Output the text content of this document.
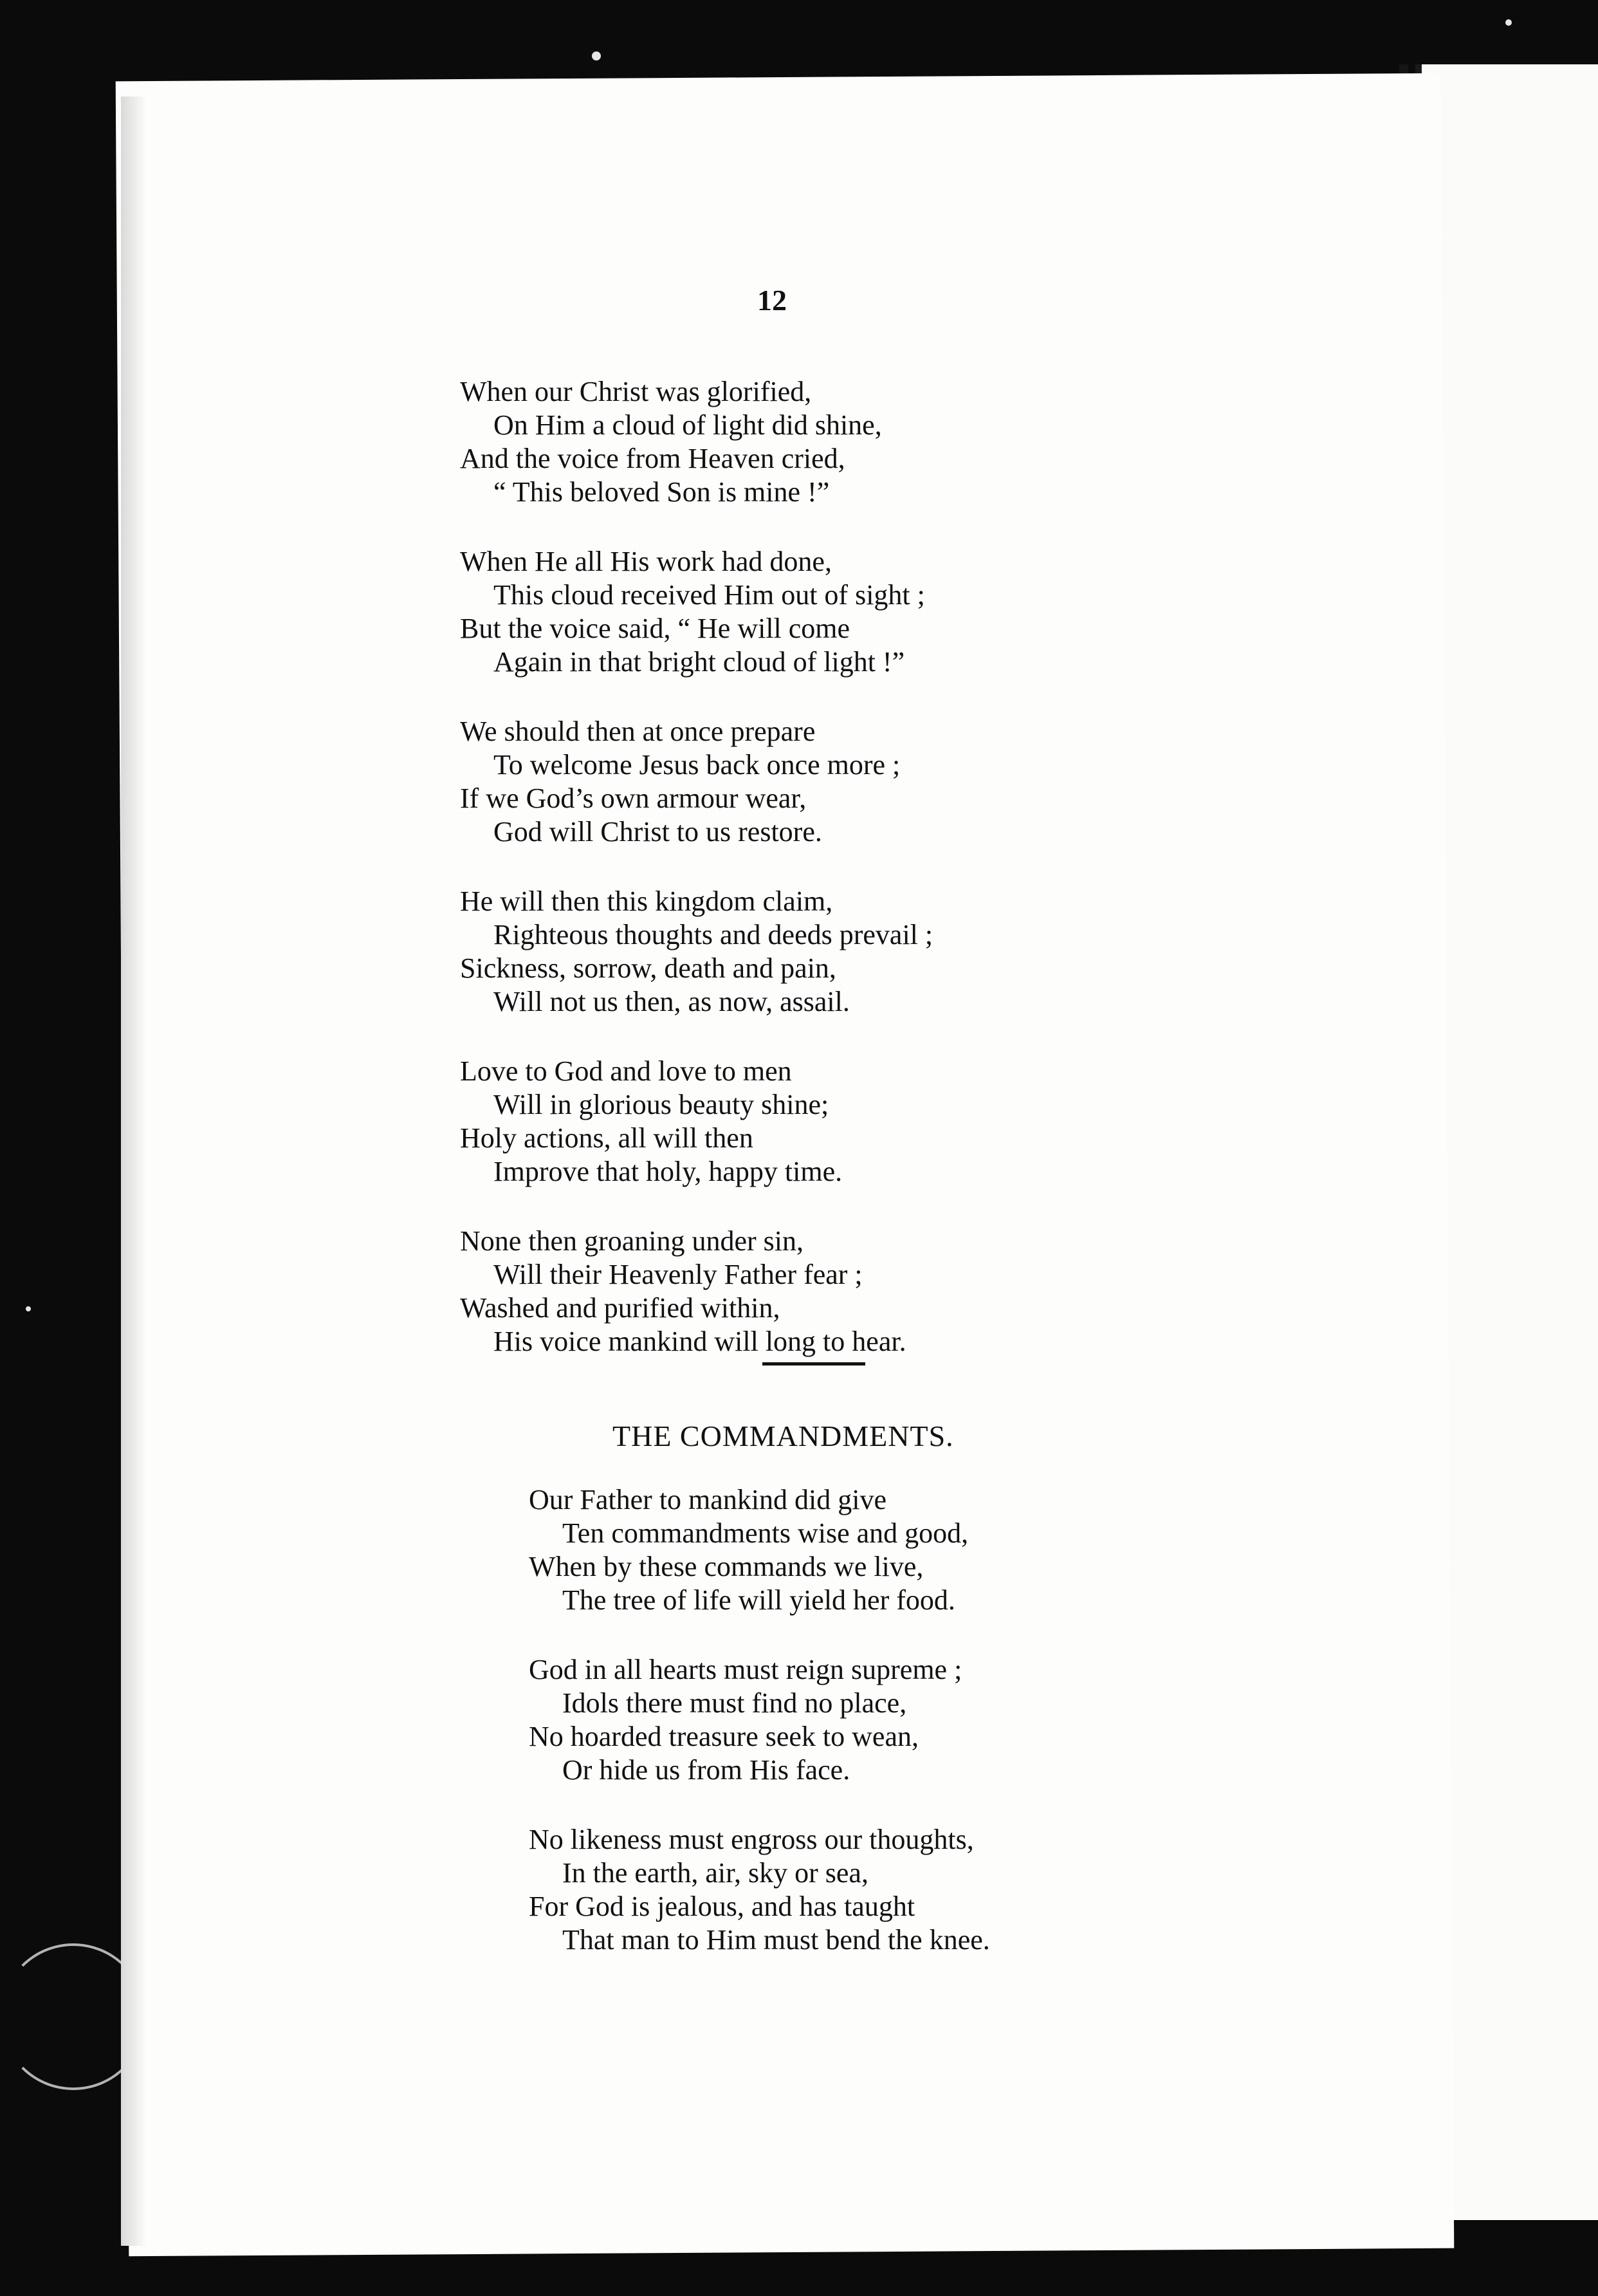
12
When our Christ was glorified,
On Him a cloud of light did shine,
And the voice from Heaven cried,
“ This beloved Son is mine !”
When He all His work had done,
This cloud received Him out of sight ;
But the voice said, “ He will come
Again in that bright cloud of light !”
We should then at once prepare
To welcome Jesus back once more ;
If we God’s own armour wear,
God will Christ to us restore.
He will then this kingdom claim,
Righteous thoughts and deeds prevail ;
Sickness, sorrow, death and pain,
Will not us then, as now, assail.
Love to God and love to men
Will in glorious beauty shine;
Holy actions, all will then
Improve that holy, happy time.
None then groaning under sin,
Will their Heavenly Father fear ;
Washed and purified within,
His voice mankind will long to hear.
THE COMMANDMENTS.
Our Father to mankind did give
Ten commandments wise and good,
When by these commands we live,
The tree of life will yield her food.
God in all hearts must reign supreme ;
Idols there must find no place,
No hoarded treasure seek to wean,
Or hide us from His face.
No likeness must engross our thoughts,
In the earth, air, sky or sea,
For God is jealous, and has taught
That man to Him must bend the knee.
